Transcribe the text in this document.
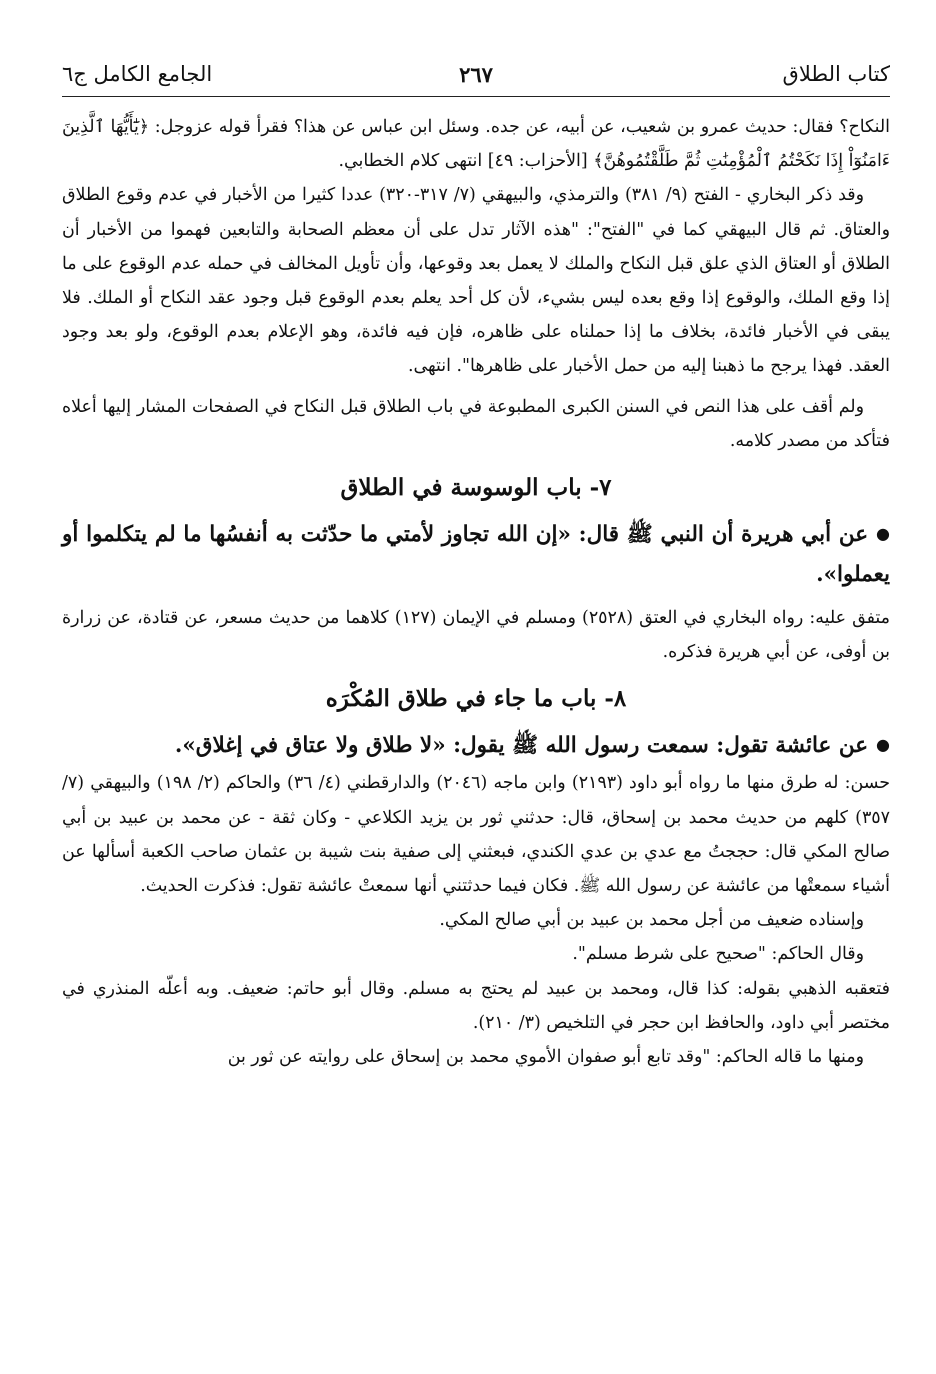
كتاب الطلاق
٢٦٧
الجامع الكامل ج٦

النكاح؟ فقال: حديث عمرو بن شعيب، عن أبيه، عن جده. وسئل ابن عباس عن هذا؟ فقرأ قوله عزوجل: ﴿يَٰٓأَيُّهَا ٱلَّذِينَ ءَامَنُوٓاْ إِذَا نَكَحْتُمُ ٱلْمُؤْمِنَٰتِ ثُمَّ طَلَّقْتُمُوهُنَّ﴾ [الأحزاب: ٤٩] انتهى كلام الخطابي.

وقد ذكر البخاري - الفتح (٩/ ٣٨١) والترمذي، والبيهقي (٧/ ٣١٧-٣٢٠) عددا كثيرا من الأخبار في عدم وقوع الطلاق والعتاق. ثم قال البيهقي كما في "الفتح": "هذه الآثار تدل على أن معظم الصحابة والتابعين فهموا من الأخبار أن الطلاق أو العتاق الذي علق قبل النكاح والملك لا يعمل بعد وقوعها، وأن تأويل المخالف في حمله عدم الوقوع على ما إذا وقع الملك، والوقوع إذا وقع بعده ليس بشيء، لأن كل أحد يعلم بعدم الوقوع قبل وجود عقد النكاح أو الملك. فلا يبقى في الأخبار فائدة، بخلاف ما إذا حملناه على ظاهره، فإن فيه فائدة، وهو الإعلام بعدم الوقوع، ولو بعد وجود العقد. فهذا يرجح ما ذهبنا إليه من حمل الأخبار على ظاهرها". انتهى.

ولم أقف على هذا النص في السنن الكبرى المطبوعة في باب الطلاق قبل النكاح في الصفحات المشار إليها أعلاه فتأكد من مصدر كلامه.

٧- باب الوسوسة في الطلاق

●عن أبي هريرة أن النبي ﷺ قال: «إن الله تجاوز لأمتي ما حدّثت به أنفسُها ما لم يتكلموا أو يعملوا».

متفق عليه: رواه البخاري في العتق (٢٥٢٨) ومسلم في الإيمان (١٢٧) كلاهما من حديث مسعر، عن قتادة، عن زرارة بن أوفى، عن أبي هريرة فذكره.

٨- باب ما جاء في طلاق المُكْرَه

●عن عائشة تقول: سمعت رسول الله ﷺ يقول: «لا طلاق ولا عتاق في إغلاق».

حسن: له طرق منها ما رواه أبو داود (٢١٩٣) وابن ماجه (٢٠٤٦) والدارقطني (٤/ ٣٦) والحاكم (٢/ ١٩٨) والبيهقي (٧/ ٣٥٧) كلهم من حديث محمد بن إسحاق، قال: حدثني ثور بن يزيد الكلاعي - وكان ثقة - عن محمد بن عبيد بن أبي صالح المكي قال: حججتُ مع عدي بن عدي الكندي، فبعثني إلى صفية بنت شيبة بن عثمان صاحب الكعبة أسألها عن أشياء سمعتْها من عائشة عن رسول الله ﷺ. فكان فيما حدثتني أنها سمعتْ عائشة تقول: فذكرت الحديث.

وإسناده ضعيف من أجل محمد بن عبيد بن أبي صالح المكي.

وقال الحاكم: "صحيح على شرط مسلم".

فتعقبه الذهبي بقوله: كذا قال، ومحمد بن عبيد لم يحتج به مسلم. وقال أبو حاتم: ضعيف. وبه أعلّه المنذري في مختصر أبي داود، والحافظ ابن حجر في التلخيص (٣/ ٢١٠).

ومنها ما قاله الحاكم: "وقد تابع أبو صفوان الأموي محمد بن إسحاق على روايته عن ثور بن
